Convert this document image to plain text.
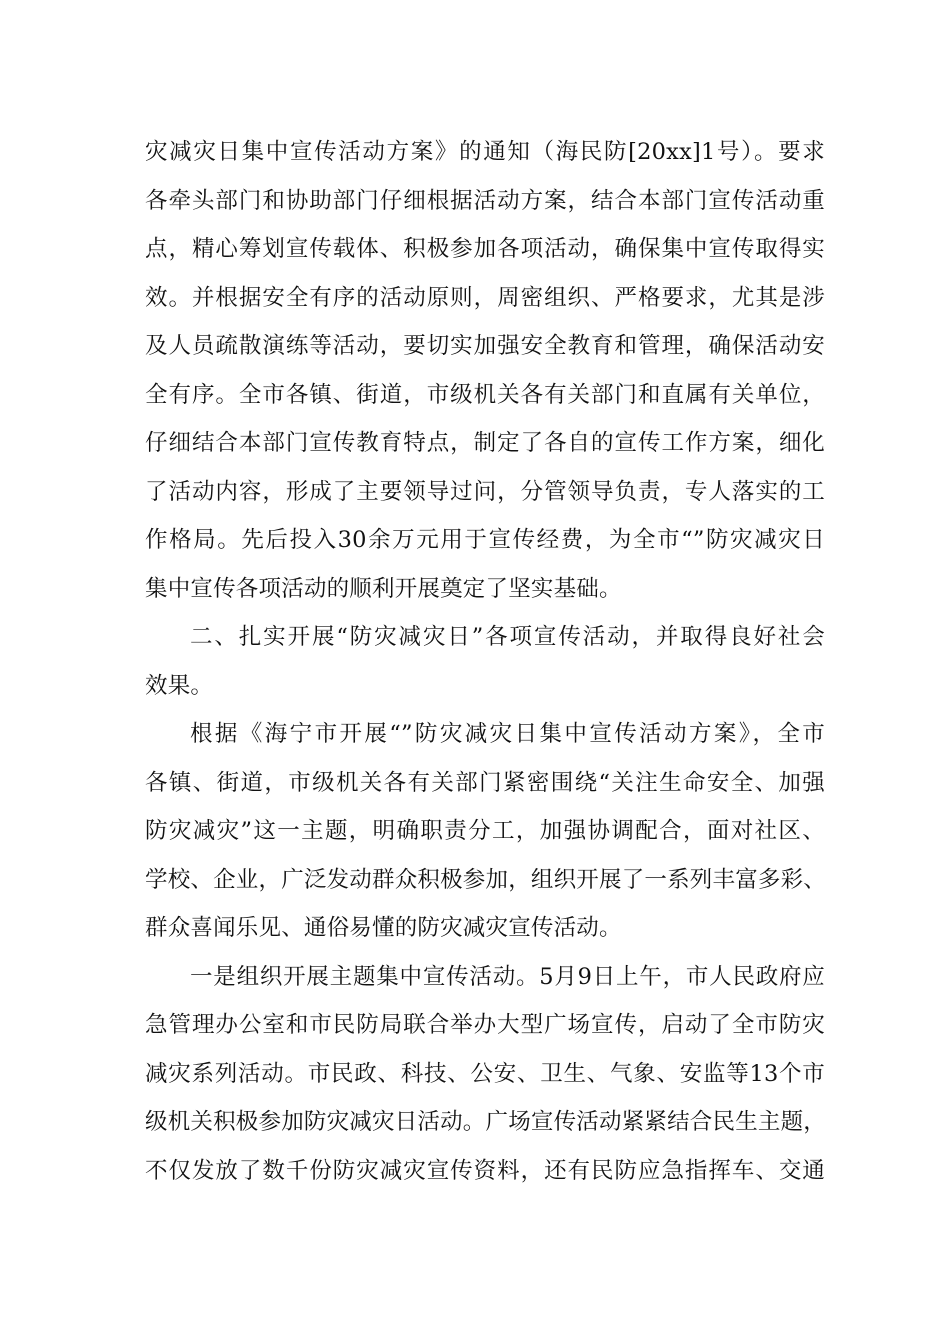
灾减灾日集中宣传活动方案》的通知（海民防[20xx]1号）。要求
各牵头部门和协助部门仔细根据活动方案，结合本部门宣传活动重
点，精心筹划宣传载体、积极参加各项活动，确保集中宣传取得实
效。并根据安全有序的活动原则，周密组织、严格要求，尤其是涉
及人员疏散演练等活动，要切实加强安全教育和管理，确保活动安
全有序。全市各镇、街道，市级机关各有关部门和直属有关单位，
仔细结合本部门宣传教育特点，制定了各自的宣传工作方案，细化
了活动内容，形成了主要领导过问，分管领导负责，专人落实的工
作格局。先后投入30余万元用于宣传经费，为全市“”防灾减灾日
集中宣传各项活动的顺利开展奠定了坚实基础。
二、扎实开展“防灾减灾日”各项宣传活动，并取得良好社会
效果。
根据《海宁市开展“”防灾减灾日集中宣传活动方案》，全市
各镇、街道，市级机关各有关部门紧密围绕“关注生命安全、加强
防灾减灾”这一主题，明确职责分工，加强协调配合，面对社区、
学校、企业，广泛发动群众积极参加，组织开展了一系列丰富多彩、
群众喜闻乐见、通俗易懂的防灾减灾宣传活动。
一是组织开展主题集中宣传活动。5月9日上午，市人民政府应
急管理办公室和市民防局联合举办大型广场宣传，启动了全市防灾
减灾系列活动。市民政、科技、公安、卫生、气象、安监等13个市
级机关积极参加防灾减灾日活动。广场宣传活动紧紧结合民生主题，
不仅发放了数千份防灾减灾宣传资料，还有民防应急指挥车、交通
